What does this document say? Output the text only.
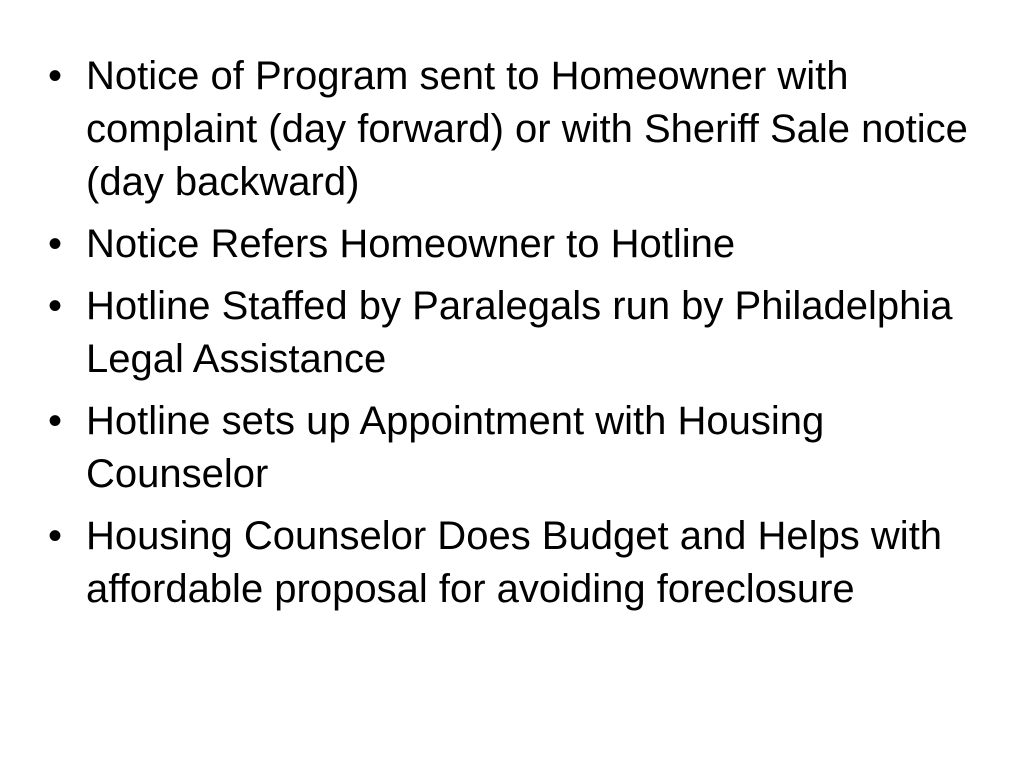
• Notice of Program sent to Homeowner with complaint (day forward) or with Sheriff Sale notice (day backward)
• Notice Refers Homeowner to Hotline
• Hotline Staffed by Paralegals run by Philadelphia Legal Assistance
• Hotline sets up Appointment with Housing Counselor
• Housing Counselor Does Budget and Helps with affordable proposal for avoiding foreclosure
